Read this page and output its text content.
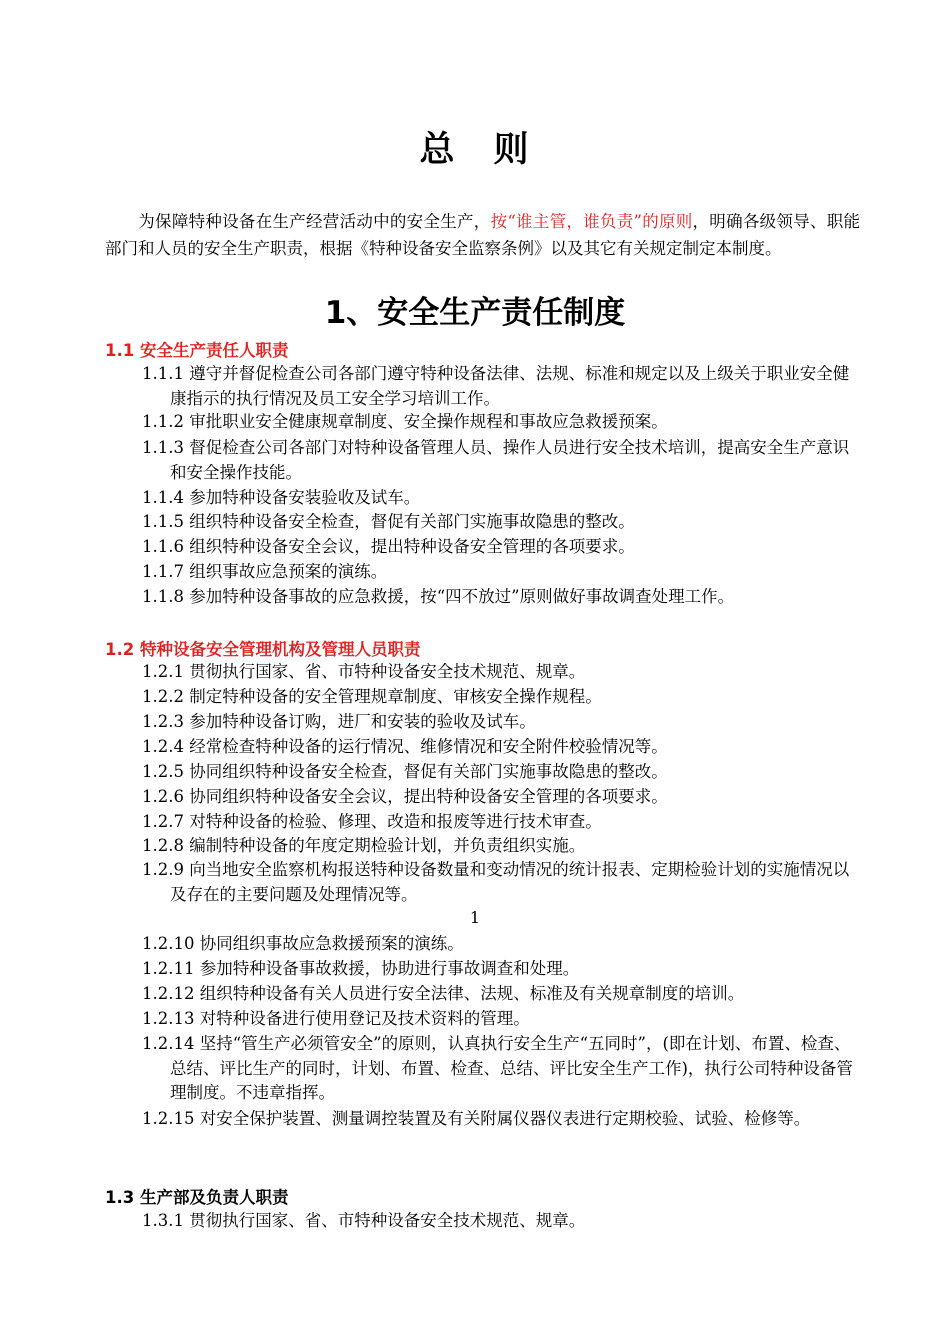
总　则
  为保障特种设备在生产经营活动中的安全生产，按“谁主管，谁负责”的原则，明确各级领导、职能部门和人员的安全生产职责，根据《特种设备安全监察条例》以及其它有关规定制定本制度。
1、安全生产责任制度
1.1 安全生产责任人职责
1.1.1 遵守并督促检查公司各部门遵守特种设备法律、法规、标准和规定以及上级关于职业安全健康指示的执行情况及员工安全学习培训工作。
1.1.2 审批职业安全健康规章制度、安全操作规程和事故应急救援预案。
1.1.3 督促检查公司各部门对特种设备管理人员、操作人员进行安全技术培训，提高安全生产意识和安全操作技能。
1.1.4 参加特种设备安装验收及试车。
1.1.5 组织特种设备安全检查，督促有关部门实施事故隐患的整改。
1.1.6 组织特种设备安全会议，提出特种设备安全管理的各项要求。
1.1.7 组织事故应急预案的演练。
1.1.8 参加特种设备事故的应急救援，按“四不放过”原则做好事故调查处理工作。
1.2 特种设备安全管理机构及管理人员职责
1.2.1 贯彻执行国家、省、市特种设备安全技术规范、规章。
1.2.2 制定特种设备的安全管理规章制度、审核安全操作规程。
1.2.3 参加特种设备订购，进厂和安装的验收及试车。
1.2.4 经常检查特种设备的运行情况、维修情况和安全附件校验情况等。
1.2.5 协同组织特种设备安全检查，督促有关部门实施事故隐患的整改。
1.2.6 协同组织特种设备安全会议，提出特种设备安全管理的各项要求。
1.2.7 对特种设备的检验、修理、改造和报废等进行技术审查。
1.2.8 编制特种设备的年度定期检验计划，并负责组织实施。
1.2.9 向当地安全监察机构报送特种设备数量和变动情况的统计报表、定期检验计划的实施情况以及存在的主要问题及处理情况等。
1
1.2.10 协同组织事故应急救援预案的演练。
1.2.11 参加特种设备事故救援，协助进行事故调查和处理。
1.2.12 组织特种设备有关人员进行安全法律、法规、标准及有关规章制度的培训。
1.2.13 对特种设备进行使用登记及技术资料的管理。
1.2.14 坚持“管生产必须管安全”的原则，认真执行安全生产“五同时”，(即在计划、布置、检查、总结、评比生产的同时，计划、布置、检查、总结、评比安全生产工作)，执行公司特种设备管理制度。不违章指挥。
1.2.15 对安全保护装置、测量调控装置及有关附属仪器仪表进行定期校验、试验、检修等。
1.3 生产部及负责人职责
1.3.1 贯彻执行国家、省、市特种设备安全技术规范、规章。
